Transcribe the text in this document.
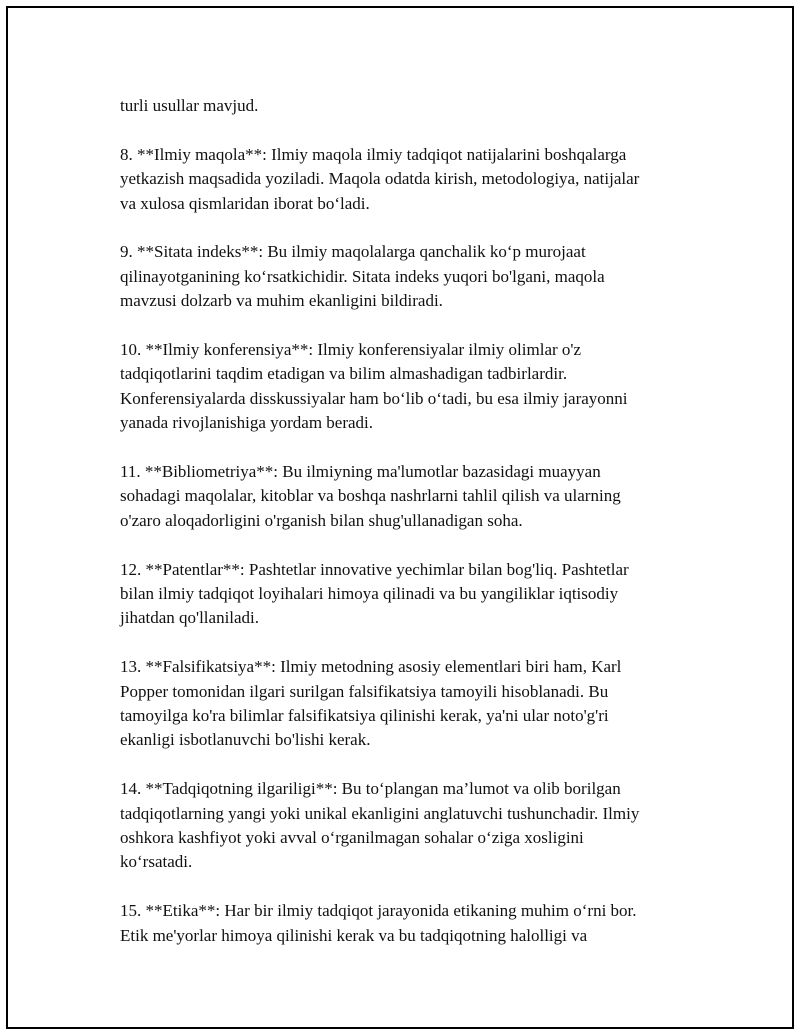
turli usullar mavjud.

8. **Ilmiy maqola**: Ilmiy maqola ilmiy tadqiqot natijalarini boshqalarga
yetkazish maqsadida yoziladi. Maqola odatda kirish, metodologiya, natijalar
va xulosa qismlaridan iborat bo‘ladi.

9. **Sitata indeks**: Bu ilmiy maqolalarga qanchalik ko‘p murojaat
qilinayotganining ko‘rsatkichidir. Sitata indeks yuqori bo'lgani, maqola
mavzusi dolzarb va muhim ekanligini bildiradi.

10. **Ilmiy konferensiya**: Ilmiy konferensiyalar ilmiy olimlar o'z
tadqiqotlarini taqdim etadigan va bilim almashadigan tadbirlardir.
Konferensiyalarda disskussiyalar ham bo‘lib o‘tadi, bu esa ilmiy jarayonni
yanada rivojlanishiga yordam beradi.

11. **Bibliometriya**: Bu ilmiyning ma'lumotlar bazasidagi muayyan
sohadagi maqolalar, kitoblar va boshqa nashrlarni tahlil qilish va ularning
o'zaro aloqadorligini o'rganish bilan shug'ullanadigan soha.

12. **Patentlar**: Pashtetlar innovative yechimlar bilan bog'liq. Pashtetlar
bilan ilmiy tadqiqot loyihalari himoya qilinadi va bu yangiliklar iqtisodiy
jihatdan qo'llaniladi.

13. **Falsifikatsiya**: Ilmiy metodning asosiy elementlari biri ham, Karl
Popper tomonidan ilgari surilgan falsifikatsiya tamoyili hisoblanadi. Bu
tamoyilga ko'ra bilimlar falsifikatsiya qilinishi kerak, ya'ni ular noto'g'ri
ekanligi isbotlanuvchi bo'lishi kerak.

14. **Tadqiqotning ilgariligi**: Bu to‘plangan ma’lumot va olib borilgan
tadqiqotlarning yangi yoki unikal ekanligini anglatuvchi tushunchadir. Ilmiy
oshkora kashfiyot yoki avval o‘rganilmagan sohalar o‘ziga xosligini
ko‘rsatadi.

15. **Etika**: Har bir ilmiy tadqiqot jarayonida etikaning muhim o‘rni bor.
Etik me'yorlar himoya qilinishi kerak va bu tadqiqotning halolligi va
